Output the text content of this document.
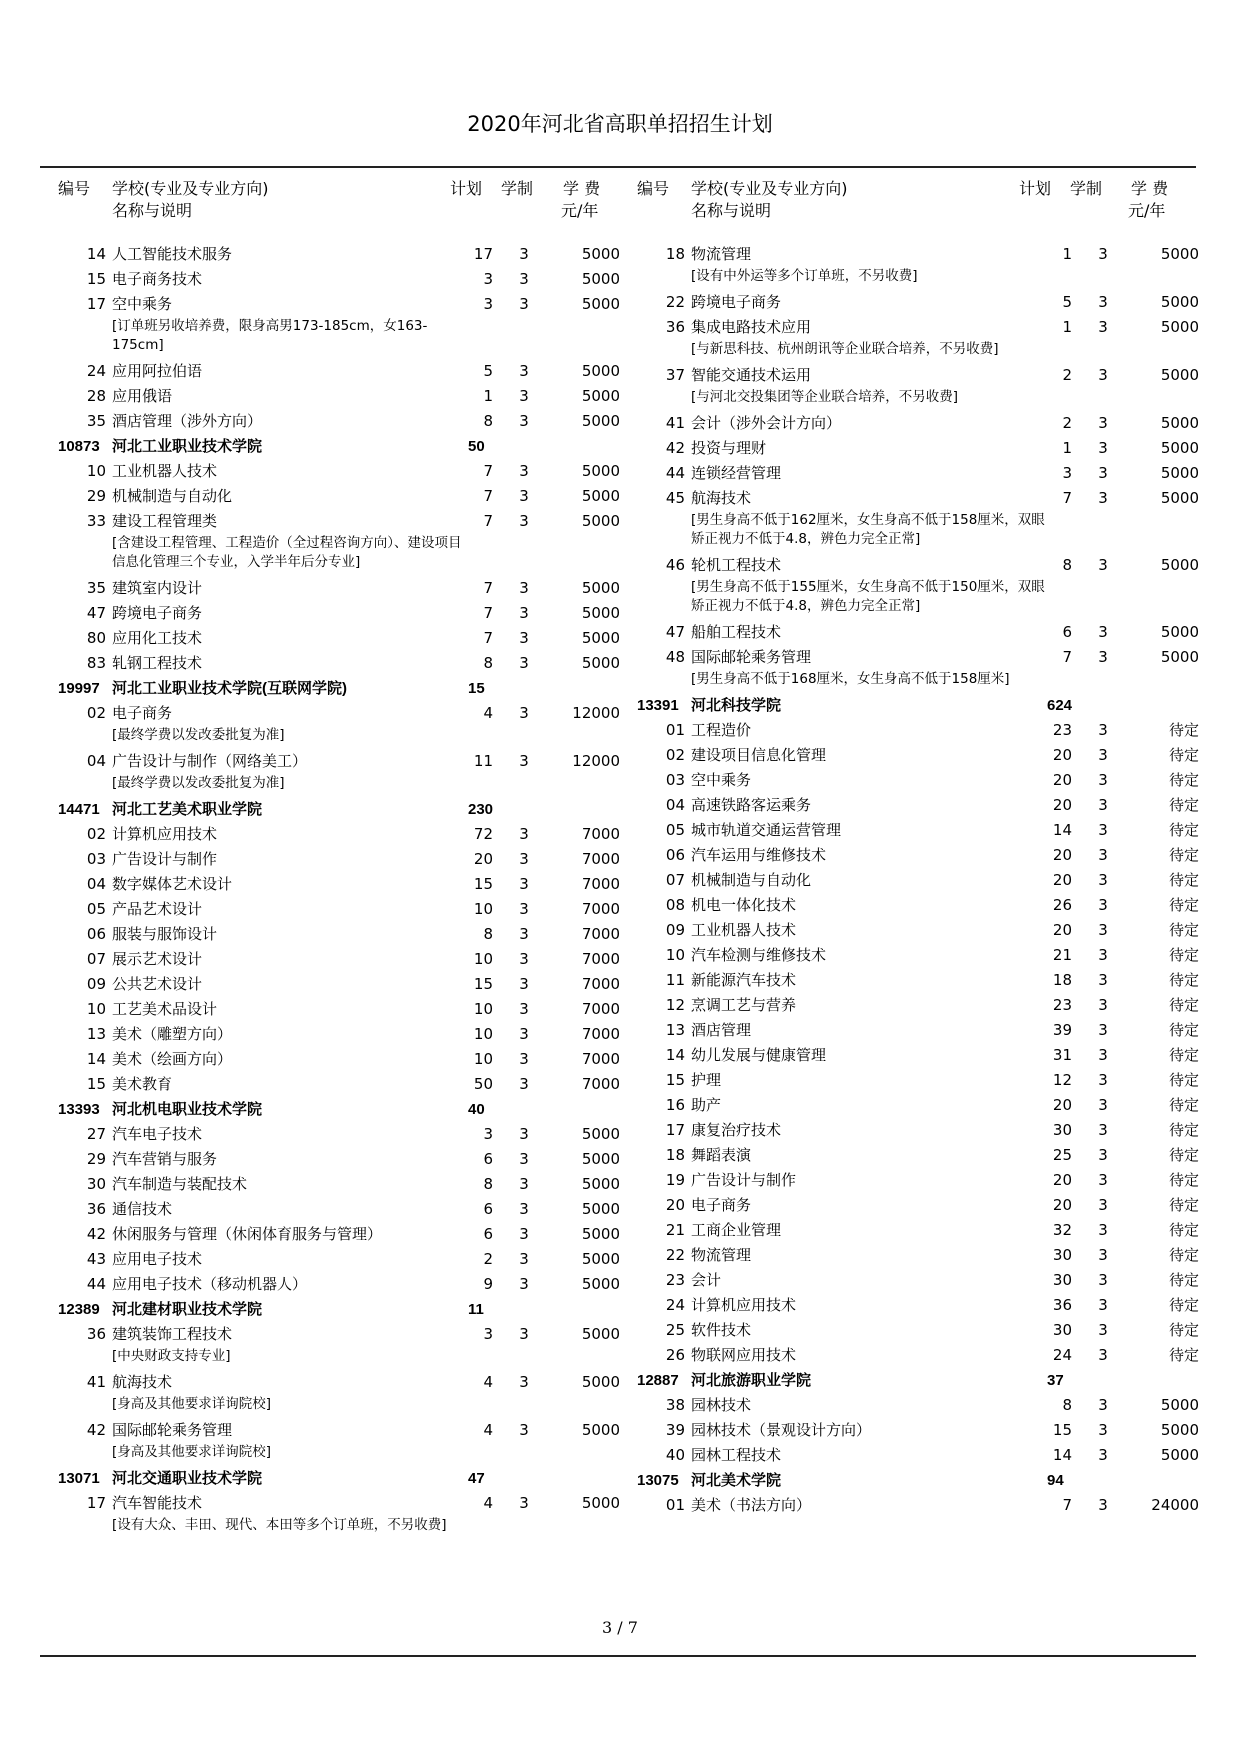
2020年河北省高职单招招生计划
编号 学校(专业及专业方向)
名称与说明
计划 学制 学 费
元/年
编号 学校(专业及专业方向)
名称与说明
计划 学制 学 费
元/年
14 人工智能技术服务	17	3	5000
15 电子商务技术	3	3	5000
17 空中乘务	3	3	5000
[订单班另收培养费，限身高男173-185cm，女163-175cm]
24 应用阿拉伯语	5	3	5000
28 应用俄语	1	3	5000
35 酒店管理（涉外方向）	8	3	5000
10873 河北工业职业技术学院	50
10 工业机器人技术	7	3	5000
29 机械制造与自动化	7	3	5000
33 建设工程管理类	7	3	5000
[含建设工程管理、工程造价（全过程咨询方向）、建设项目信息化管理三个专业，入学半年后分专业]
35 建筑室内设计	7	3	5000
47 跨境电子商务	7	3	5000
80 应用化工技术	7	3	5000
83 轧钢工程技术	8	3	5000
19997 河北工业职业技术学院(互联网学院)	15
02 电子商务	4	3	12000
[最终学费以发改委批复为准]
04 广告设计与制作（网络美工）	11	3	12000
[最终学费以发改委批复为准]
14471 河北工艺美术职业学院	230
02 计算机应用技术	72	3	7000
03 广告设计与制作	20	3	7000
04 数字媒体艺术设计	15	3	7000
05 产品艺术设计	10	3	7000
06 服装与服饰设计	8	3	7000
07 展示艺术设计	10	3	7000
09 公共艺术设计	15	3	7000
10 工艺美术品设计	10	3	7000
13 美术（雕塑方向）	10	3	7000
14 美术（绘画方向）	10	3	7000
15 美术教育	50	3	7000
13393 河北机电职业技术学院	40
27 汽车电子技术	3	3	5000
29 汽车营销与服务	6	3	5000
30 汽车制造与装配技术	8	3	5000
36 通信技术	6	3	5000
42 休闲服务与管理（休闲体育服务与管理）	6	3	5000
43 应用电子技术	2	3	5000
44 应用电子技术（移动机器人）	9	3	5000
12389 河北建材职业技术学院	11
36 建筑装饰工程技术	3	3	5000
[中央财政支持专业]
41 航海技术	4	3	5000
[身高及其他要求详询院校]
42 国际邮轮乘务管理	4	3	5000
[身高及其他要求详询院校]
13071 河北交通职业技术学院	47
17 汽车智能技术	4	3	5000
[设有大众、丰田、现代、本田等多个订单班，不另收费]
18 物流管理	1	3	5000
[设有中外运等多个订单班，不另收费]
22 跨境电子商务	5	3	5000
36 集成电路技术应用	1	3	5000
[与新思科技、杭州朗讯等企业联合培养，不另收费]
37 智能交通技术运用	2	3	5000
[与河北交投集团等企业联合培养，不另收费]
41 会计（涉外会计方向）	2	3	5000
42 投资与理财	1	3	5000
44 连锁经营管理	3	3	5000
45 航海技术	7	3	5000
[男生身高不低于162厘米，女生身高不低于158厘米，双眼矫正视力不低于4.8，辨色力完全正常]
46 轮机工程技术	8	3	5000
[男生身高不低于155厘米，女生身高不低于150厘米，双眼矫正视力不低于4.8，辨色力完全正常]
47 船舶工程技术	6	3	5000
48 国际邮轮乘务管理	7	3	5000
[男生身高不低于168厘米，女生身高不低于158厘米]
13391 河北科技学院	624
01 工程造价	23	3	待定
02 建设项目信息化管理	20	3	待定
03 空中乘务	20	3	待定
04 高速铁路客运乘务	20	3	待定
05 城市轨道交通运营管理	14	3	待定
06 汽车运用与维修技术	20	3	待定
07 机械制造与自动化	20	3	待定
08 机电一体化技术	26	3	待定
09 工业机器人技术	20	3	待定
10 汽车检测与维修技术	21	3	待定
11 新能源汽车技术	18	3	待定
12 烹调工艺与营养	23	3	待定
13 酒店管理	39	3	待定
14 幼儿发展与健康管理	31	3	待定
15 护理	12	3	待定
16 助产	20	3	待定
17 康复治疗技术	30	3	待定
18 舞蹈表演	25	3	待定
19 广告设计与制作	20	3	待定
20 电子商务	20	3	待定
21 工商企业管理	32	3	待定
22 物流管理	30	3	待定
23 会计	30	3	待定
24 计算机应用技术	36	3	待定
25 软件技术	30	3	待定
26 物联网应用技术	24	3	待定
12887 河北旅游职业学院	37
38 园林技术	8	3	5000
39 园林技术（景观设计方向）	15	3	5000
40 园林工程技术	14	3	5000
13075 河北美术学院	94
01 美术（书法方向）	7	3	24000
3 / 7
